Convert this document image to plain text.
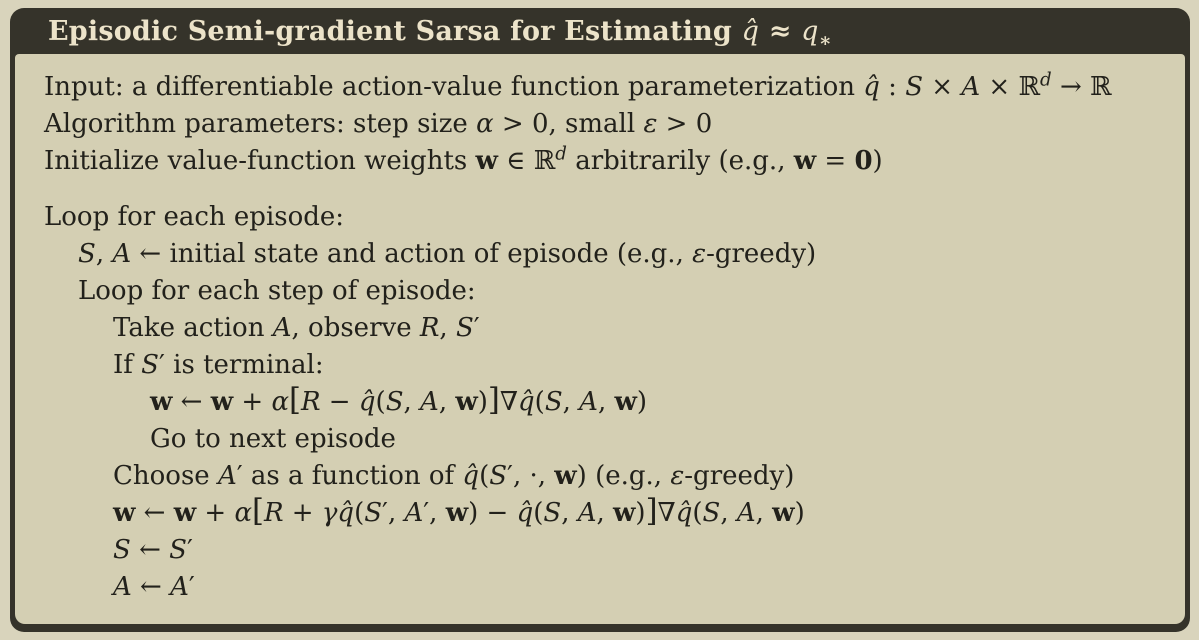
Episodic Semi-gradient Sarsa for Estimating q̂ ≈ $q_∗$
Input: a differentiable action-value function parameterization q̂ : S × A × ℝ$^d$ → ℝ
Algorithm parameters: step size α > 0, small ε > 0
Initialize value-function weights w ∈ ℝ$^d$ arbitrarily (e.g., w = 0)
Loop for each episode:
S, A ← initial state and action of episode (e.g., ε-greedy)
Loop for each step of episode:
Take action A, observe R, S′
If S′ is terminal:
w ← w + α[R − q̂(S, A, w)]∇q̂(S, A, w)
Go to next episode
Choose A′ as a function of q̂(S′, ·, w) (e.g., ε-greedy)
w ← w + α[R + γq̂(S′, A′, w) − q̂(S, A, w)]∇q̂(S, A, w)
S ← S′
A ← A′
